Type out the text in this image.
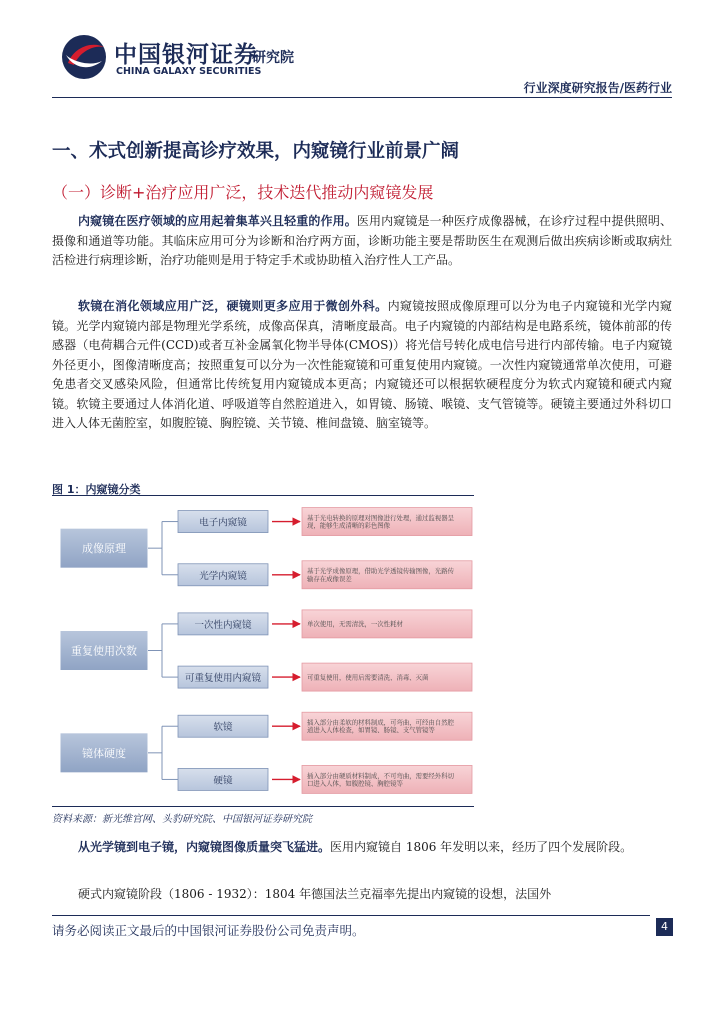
中国银河证券
CHINA GALAXY SECURITIES
研究院
行业深度研究报告/医药行业
一、术式创新提高诊疗效果，内窥镜行业前景广阔
（一）诊断+治疗应用广泛，技术迭代推动内窥镜发展

内窥镜在医疗领域的应用起着集革兴且轻重的作用。医用内窥镜是一种医疗成像器械，在诊疗过程中提供照明、摄像和通道等功能。其临床应用可分为诊断和治疗两方面，诊断功能主要是帮助医生在观测后做出疾病诊断或取病灶活检进行病理诊断，治疗功能则是用于特定手术或协助植入治疗性人工产品。

软镜在消化领域应用广泛，硬镜则更多应用于微创外科。内窥镜按照成像原理可以分为电子内窥镜和光学内窥镜。光学内窥镜内部是物理光学系统，成像高保真，清晰度最高。电子内窥镜的内部结构是电路系统，镜体前部的传感器（电荷耦合元件(CCD)或者互补金属氧化物半导体(CMOS)）将光信号转化成电信号进行内部传输。电子内窥镜外径更小，图像清晰度高；按照重复可以分为一次性能窥镜和可重复使用内窥镜。一次性内窥镜通常单次使用，可避免患者交叉感染风险，但通常比传统复用内窥镜成本更高；内窥镜还可以根据软硬程度分为软式内窥镜和硬式内窥镜。软镜主要通过人体消化道、呼吸道等自然腔道进入，如胃镜、肠镜、喉镜、支气管镜等。硬镜主要通过外科切口进入人体无菌腔室，如腹腔镜、胸腔镜、关节镜、椎间盘镜、脑室镜等。

图 1：内窥镜分类
成像原理
电子内窥镜	基于光电转换的原理对图像进行处理，通过监视器呈现，能够生成清晰的彩色图像
光学内窥镜	基于光学成像原理，借助光学透镜传输图像，光路传输存在成像误差
重复使用次数
一次性内窥镜	单次使用，无需清洗，一次性耗材
可重复使用内窥镜	可重复使用，使用后需要清洗、消毒、灭菌
镜体硬度
软镜	插入部分由柔软的材料制成，可弯曲，可经由自然腔道进入人体检查，如胃镜、肠镜、支气管镜等
硬镜	插入部分由硬质材料制成，不可弯曲，需要经外科切口进入人体，如腹腔镜、胸腔镜等
资料来源：新光维官网、头豹研究院、中国银河证券研究院

从光学镜到电子镜，内窥镜图像质量突飞猛进。医用内窥镜自 1806 年发明以来，经历了四个发展阶段。

硬式内窥镜阶段（1806 - 1932）：1804 年德国法兰克福率先提出内窥镜的设想，法国外

请务必阅读正文最后的中国银河证券股份公司免责声明。	4
